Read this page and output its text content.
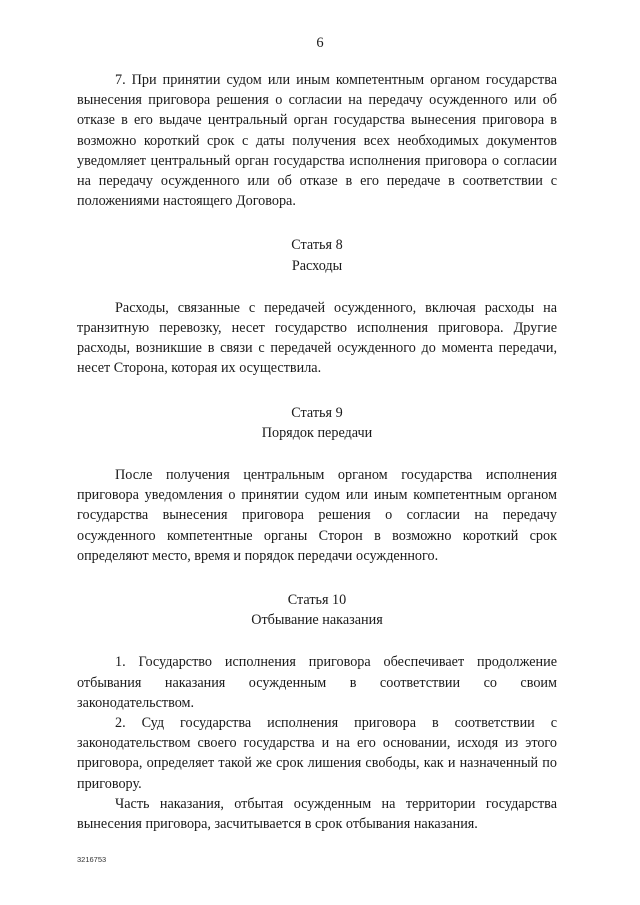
6

7. При принятии судом или иным компетентным органом государства вынесения приговора решения о согласии на передачу осужденного или об отказе в его выдаче центральный орган государства вынесения приговора в возможно короткий срок с даты получения всех необходимых документов уведомляет центральный орган государства исполнения приговора о согласии на передачу осужденного или об отказе в его передаче в соответствии с положениями настоящего Договора.

Статья 8
Расходы

Расходы, связанные с передачей осужденного, включая расходы на транзитную перевозку, несет государство исполнения приговора. Другие расходы, возникшие в связи с передачей осужденного до момента передачи, несет Сторона, которая их осуществила.

Статья 9
Порядок передачи

После получения центральным органом государства исполнения приговора уведомления о принятии судом или иным компетентным органом государства вынесения приговора решения о согласии на передачу осужденного компетентные органы Сторон в возможно короткий срок определяют место, время и порядок передачи осужденного.

Статья 10
Отбывание наказания

1. Государство исполнения приговора обеспечивает продолжение отбывания наказания осужденным в соответствии со своим законодательством.

2. Суд государства исполнения приговора в соответствии с законодательством своего государства и на его основании, исходя из этого приговора, определяет такой же срок лишения свободы, как и назначенный по приговору.

Часть наказания, отбытая осужденным на территории государства вынесения приговора, засчитывается в срок отбывания наказания.

3216753
